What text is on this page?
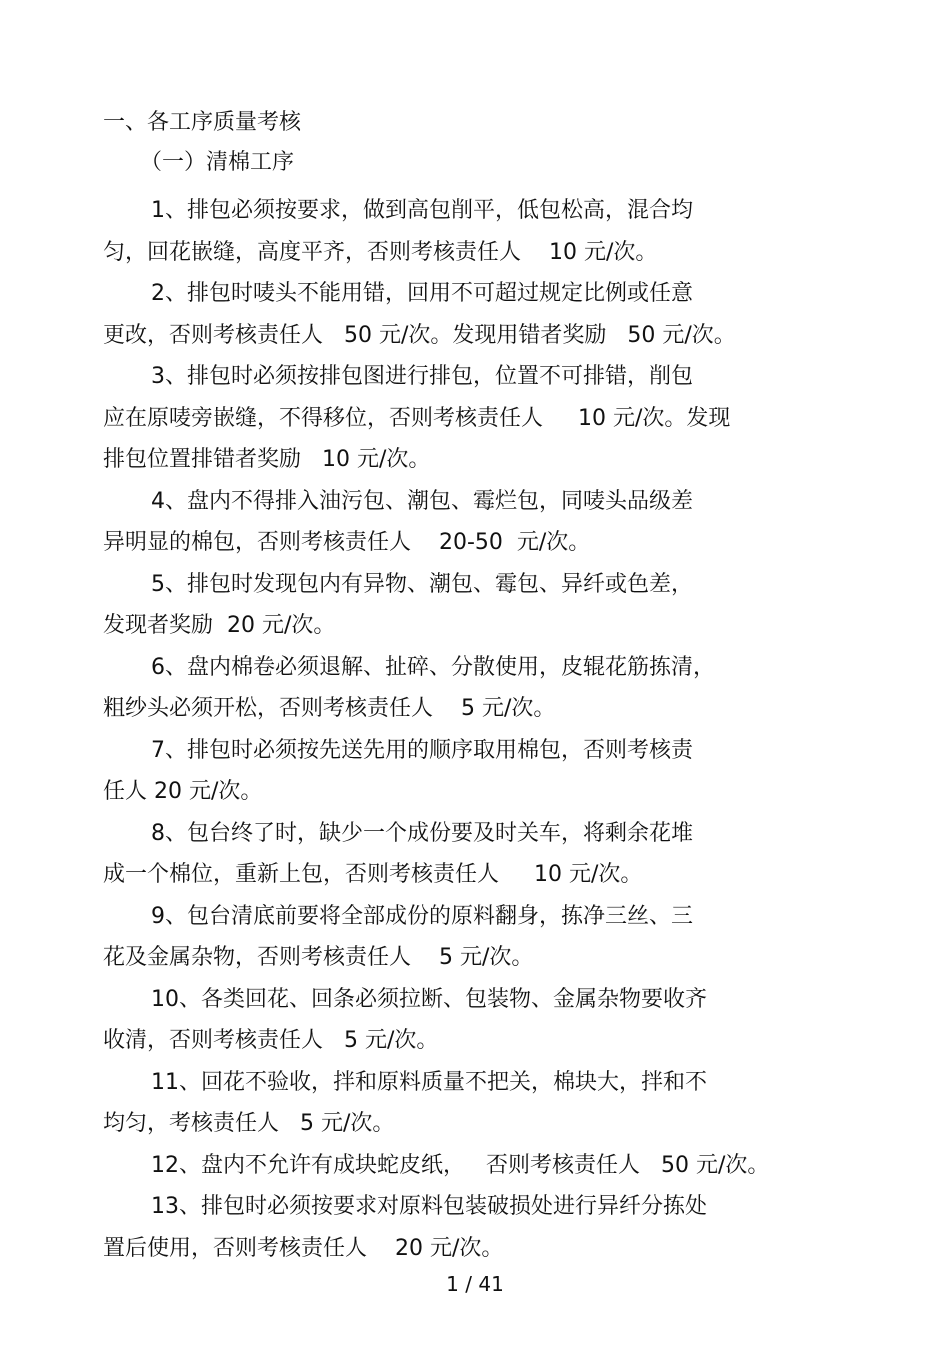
一、各工序质量考核
（一）清棉工序
1、排包必须按要求，做到高包削平，低包松高，混合均
匀，回花嵌缝，高度平齐，否则考核责任人    10 元/次。
2、排包时唛头不能用错，回用不可超过规定比例或任意
更改，否则考核责任人   50 元/次。发现用错者奖励   50 元/次。
3、排包时必须按排包图进行排包，位置不可排错，削包
应在原唛旁嵌缝，不得移位，否则考核责任人     10 元/次。发现
排包位置排错者奖励   10 元/次。
4、盘内不得排入油污包、潮包、霉烂包，同唛头品级差
异明显的棉包，否则考核责任人    20-50  元/次。
5、排包时发现包内有异物、潮包、霉包、异纤或色差，
发现者奖励  20 元/次。
6、盘内棉卷必须退解、扯碎、分散使用，皮辊花筋拣清，
粗纱头必须开松，否则考核责任人    5 元/次。
7、排包时必须按先送先用的顺序取用棉包，否则考核责
任人 20 元/次。
8、包台终了时，缺少一个成份要及时关车，将剩余花堆
成一个棉位，重新上包，否则考核责任人     10 元/次。
9、包台清底前要将全部成份的原料翻身，拣净三丝、三
花及金属杂物，否则考核责任人    5 元/次。
10、各类回花、回条必须拉断、包装物、金属杂物要收齐
收清，否则考核责任人   5 元/次。
11、回花不验收，拌和原料质量不把关，棉块大，拌和不
均匀，考核责任人   5 元/次。
12、盘内不允许有成块蛇皮纸，   否则考核责任人   50 元/次。
13、排包时必须按要求对原料包装破损处进行异纤分拣处
置后使用，否则考核责任人    20 元/次。
1 / 41
